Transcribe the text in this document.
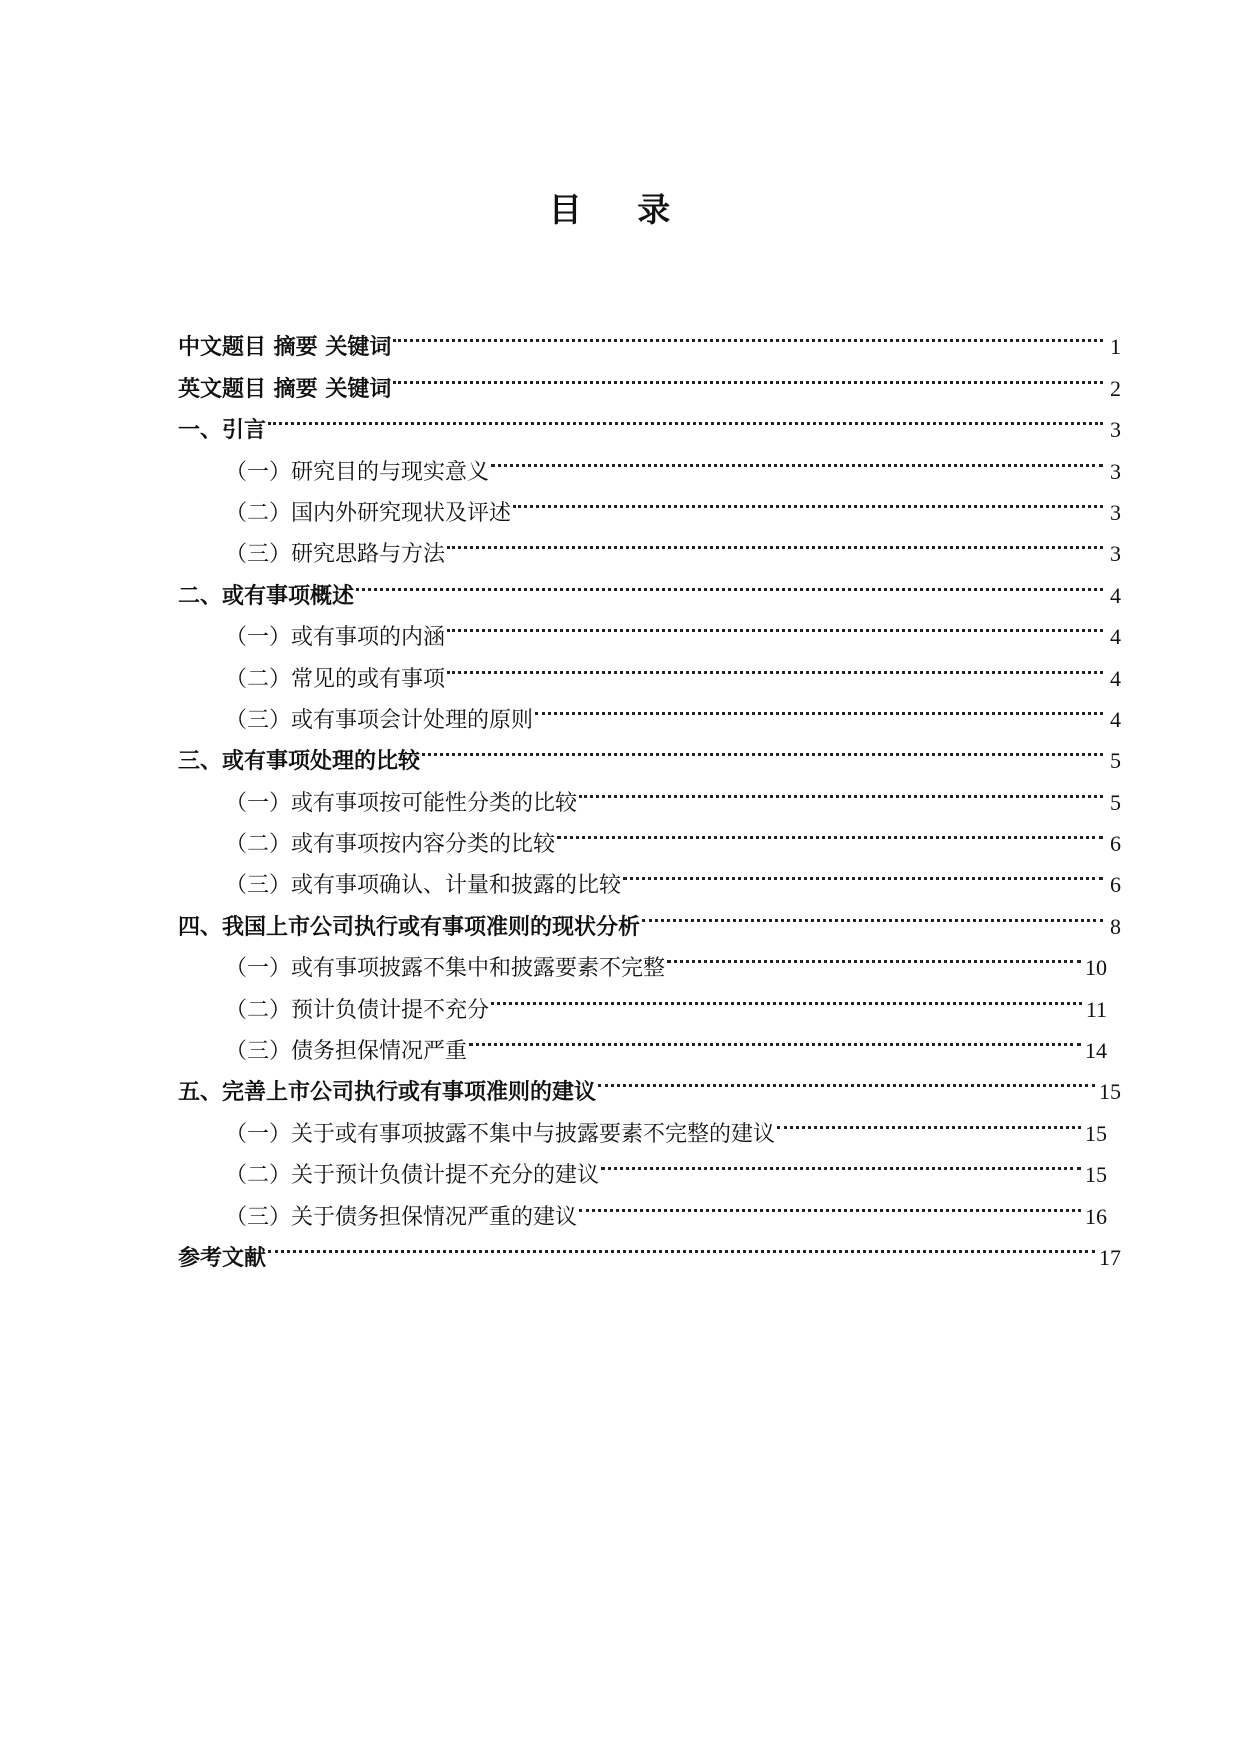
目 录
中文题目 摘要 关键词	1
英文题目 摘要 关键词	2
一、引言	3
（一）研究目的与现实意义	3
（二）国内外研究现状及评述	3
（三）研究思路与方法	3
二、或有事项概述	4
（一）或有事项的内涵	4
（二）常见的或有事项	4
（三）或有事项会计处理的原则	4
三、或有事项处理的比较	5
（一）或有事项按可能性分类的比较	5
（二）或有事项按内容分类的比较	6
（三）或有事项确认、计量和披露的比较	6
四、我国上市公司执行或有事项准则的现状分析	8
（一）或有事项披露不集中和披露要素不完整	10
（二）预计负债计提不充分	11
（三）债务担保情况严重	14
五、完善上市公司执行或有事项准则的建议	15
（一）关于或有事项披露不集中与披露要素不完整的建议	15
（二）关于预计负债计提不充分的建议	15
（三）关于债务担保情况严重的建议	16
参考文献	17
